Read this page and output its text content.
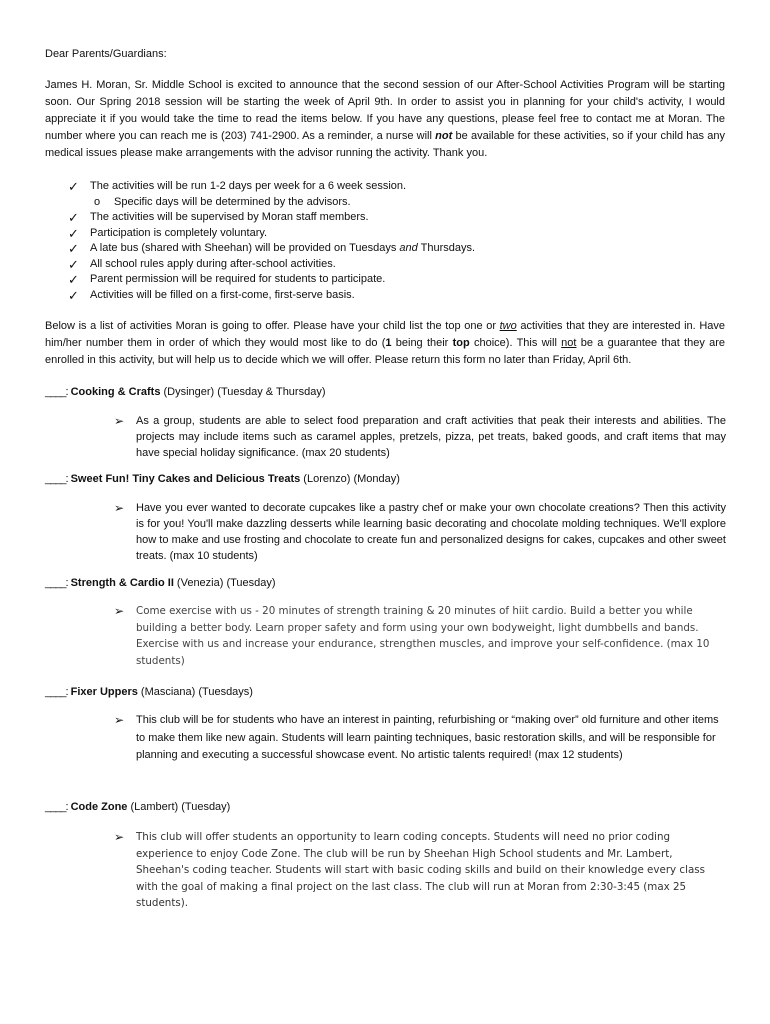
Dear Parents/Guardians:

James H. Moran, Sr. Middle School is excited to announce that the second session of our After-School Activities Program will be starting soon. Our Spring 2018 session will be starting the week of April 9th. In order to assist you in planning for your child's activity, I would appreciate it if you would take the time to read the items below. If you have any questions, please feel free to contact me at Moran. The number where you can reach me is (203) 741-2900. As a reminder, a nurse will not be available for these activities, so if your child has any medical issues please make arrangements with the advisor running the activity. Thank you.

✓ The activities will be run 1-2 days per week for a 6 week session.
o Specific days will be determined by the advisors.
✓ The activities will be supervised by Moran staff members.
✓ Participation is completely voluntary.
✓ A late bus (shared with Sheehan) will be provided on Tuesdays and Thursdays.
✓ All school rules apply during after-school activities.
✓ Parent permission will be required for students to participate.
✓ Activities will be filled on a first-come, first-serve basis.

Below is a list of activities Moran is going to offer. Please have your child list the top one or two activities that they are interested in. Have him/her number them in order of which they would most like to do (1 being their top choice). This will not be a guarantee that they are enrolled in this activity, but will help us to decide which we will offer. Please return this form no later than Friday, April 6th.

____: Cooking & Crafts (Dysinger) (Tuesday & Thursday)
➢ As a group, students are able to select food preparation and craft activities that peak their interests and abilities. The projects may include items such as caramel apples, pretzels, pizza, pet treats, baked goods, and craft items that may have special holiday significance. (max 20 students)
____: Sweet Fun! Tiny Cakes and Delicious Treats (Lorenzo) (Monday)
➢ Have you ever wanted to decorate cupcakes like a pastry chef or make your own chocolate creations? Then this activity is for you! You'll make dazzling desserts while learning basic decorating and chocolate molding techniques. We'll explore how to make and use frosting and chocolate to create fun and personalized designs for cakes, cupcakes and other sweet treats. (max 10 students)
____: Strength & Cardio II (Venezia) (Tuesday)
➢ Come exercise with us - 20 minutes of strength training & 20 minutes of hiit cardio. Build a better you while building a better body. Learn proper safety and form using your own bodyweight, light dumbbells and bands. Exercise with us and increase your endurance, strengthen muscles, and improve your self-confidence. (max 10 students)
____: Fixer Uppers (Masciana) (Tuesdays)
➢ This club will be for students who have an interest in painting, refurbishing or “making over” old furniture and other items to make them like new again. Students will learn painting techniques, basic restoration skills, and will be responsible for planning and executing a successful showcase event. No artistic talents required! (max 12 students)
____: Code Zone (Lambert) (Tuesday)
➢ This club will offer students an opportunity to learn coding concepts. Students will need no prior coding experience to enjoy Code Zone. The club will be run by Sheehan High School students and Mr. Lambert, Sheehan's coding teacher. Students will start with basic coding skills and build on their knowledge every class with the goal of making a final project on the last class. The club will run at Moran from 2:30-3:45 (max 25 students).
